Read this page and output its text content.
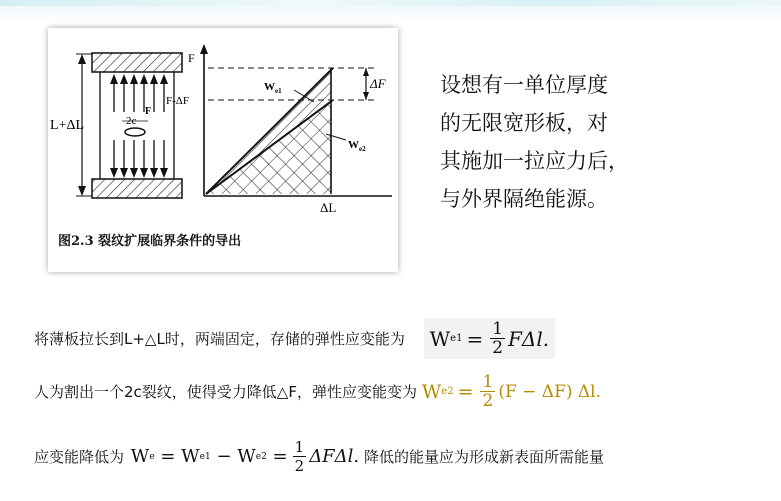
2c
F
L+ΔL
F
F-ΔF
ΔF
$W_{e1}$
$W_{e2}$
ΔL
图2.3 裂纹扩展临界条件的导出
设想有一单位厚度
的无限宽形板，对
其施加一拉应力后，
与外界隔绝能源。
将薄板拉长到L+△L时，两端固定，存储的弹性应变能为 W $e1 = \frac{1}{2} F\Delta l$.
人为割出一个2c裂纹，使得受力降低△F，弹性应变能变为 W $e2 = \frac{1}{2} (F - \Delta F)$ Δl.
应变能降低为 W e = W e1 − W $e2 = \frac{1}{2} \Delta F\Delta l$. 降低的能量应为形成新表面所需能量
